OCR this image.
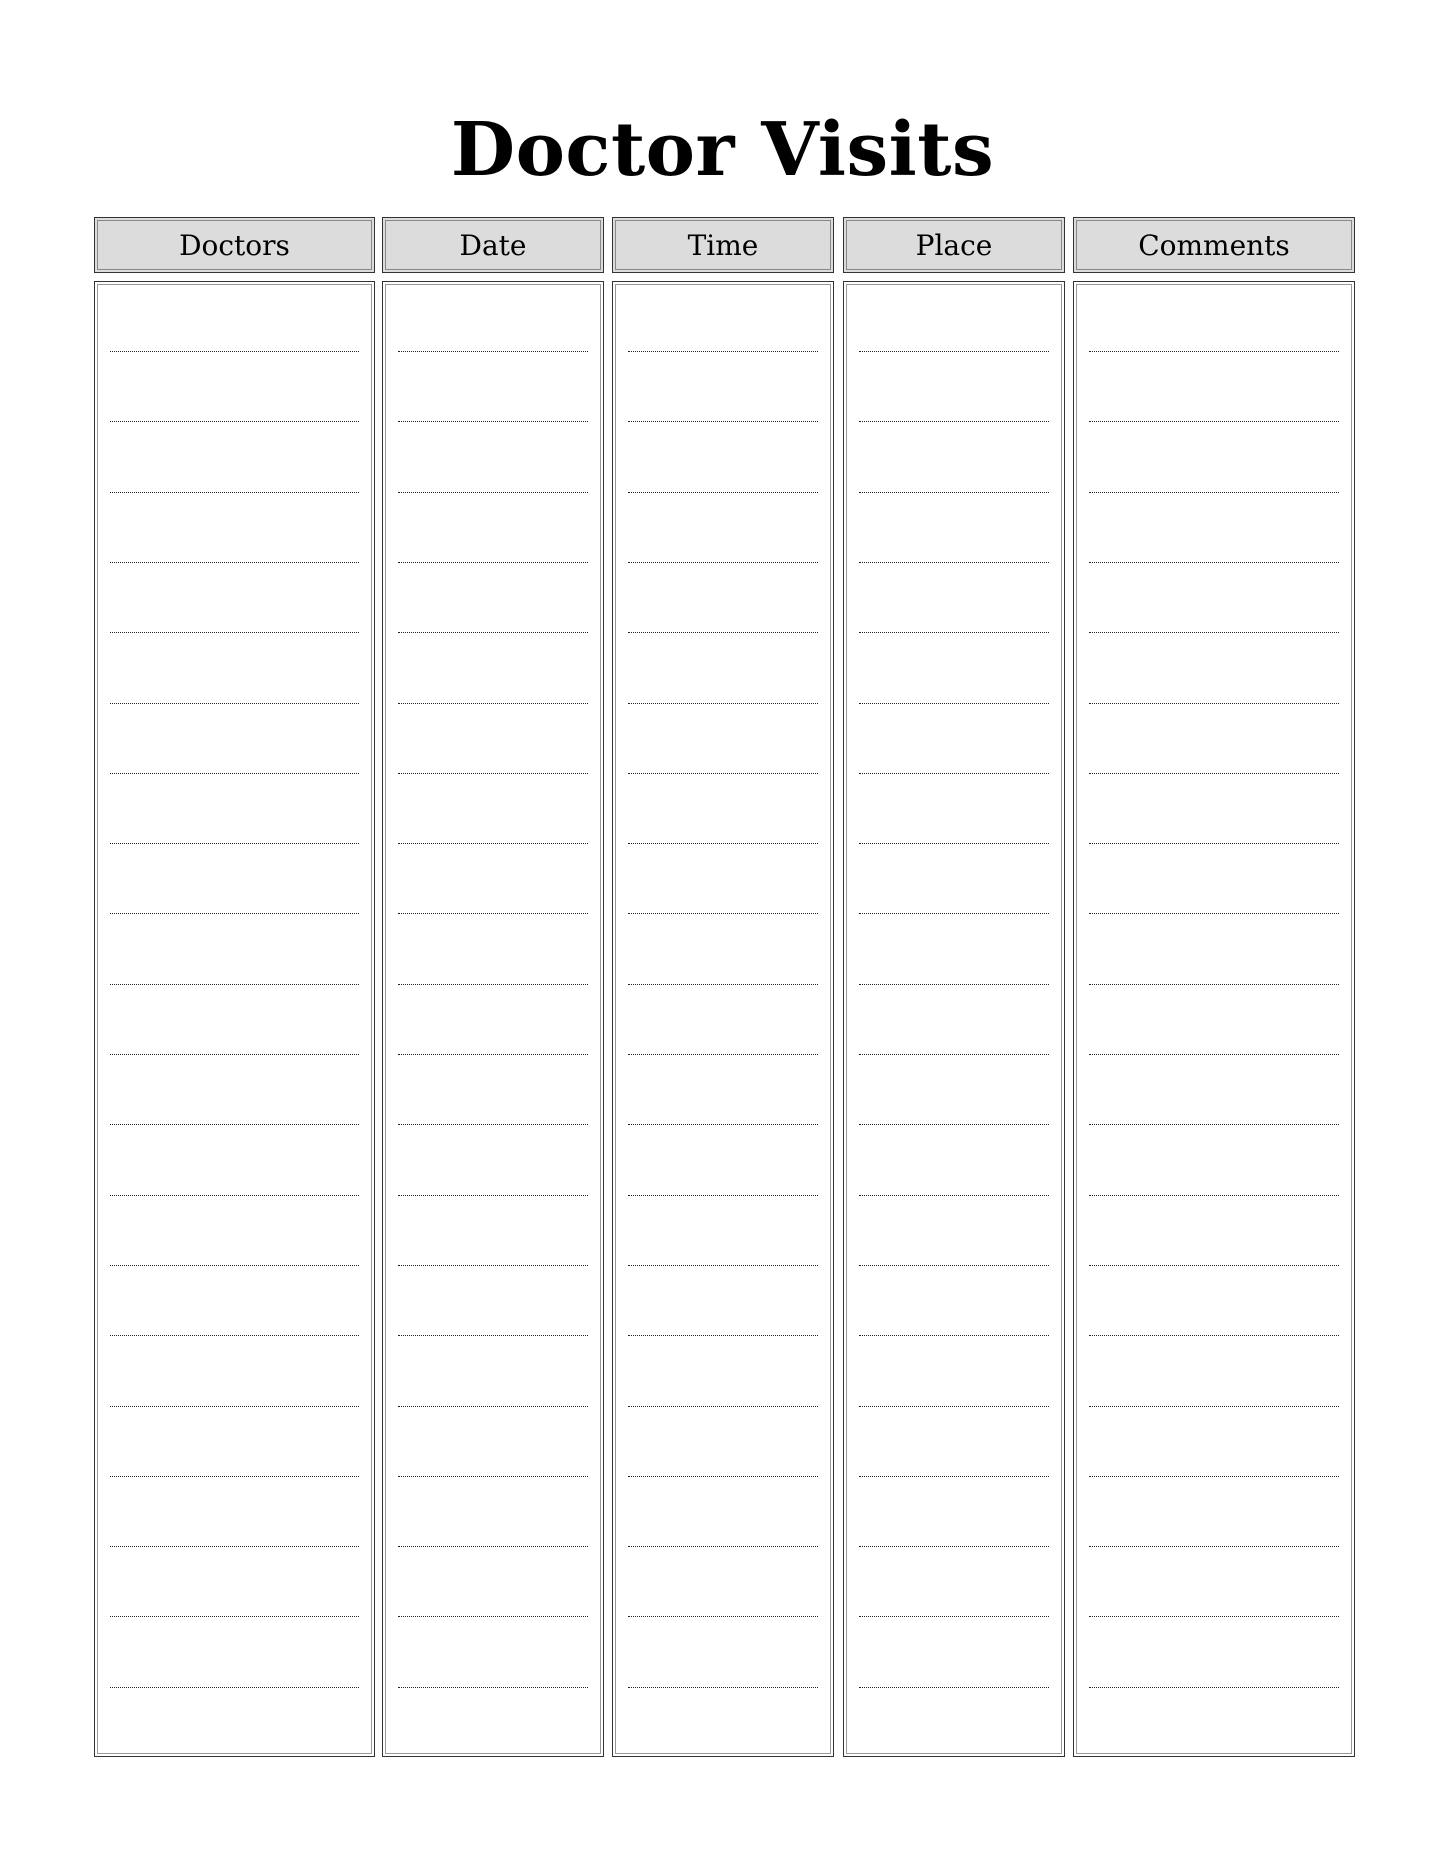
Doctor Visits
Doctors	Date	Time	Place	Comments
